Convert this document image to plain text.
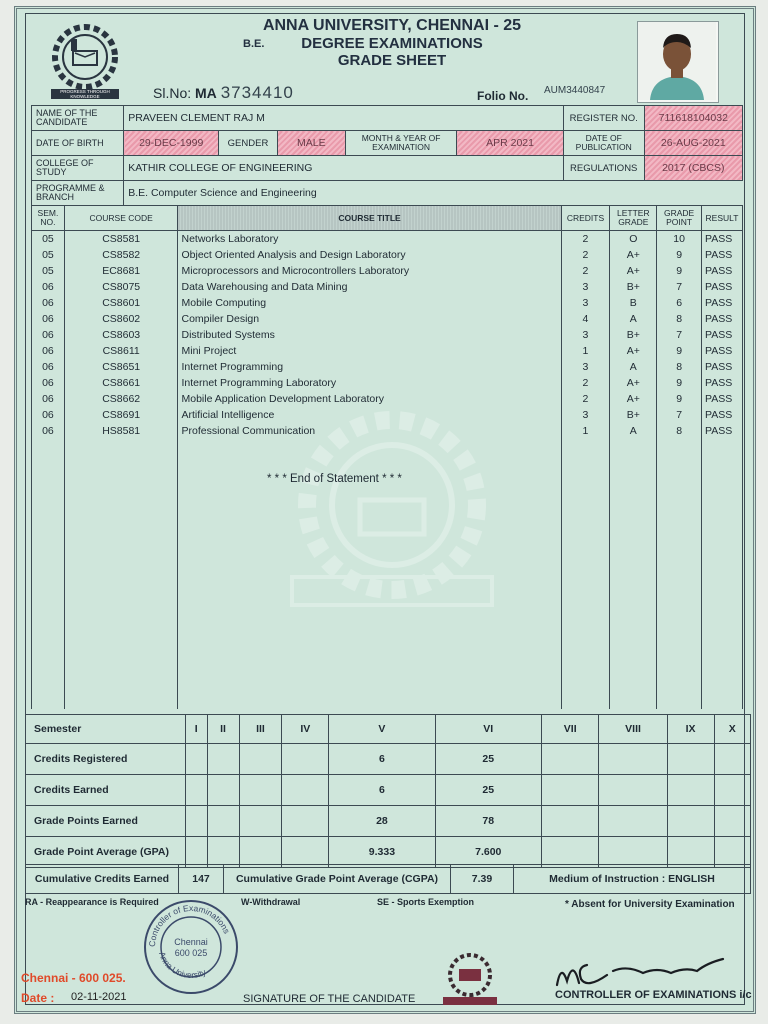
PROGRESS THROUGH KNOWLEDGE
ANNA UNIVERSITY, CHENNAI - 25
B.E. DEGREE EXAMINATIONS
GRADE SHEET
Sl.No: MA 3734410	Folio No. AUM3440847
NAME OF THE CANDIDATE	PRAVEEN CLEMENT RAJ M					REGISTER NO.	711618104032
DATE OF BIRTH	29-DEC-1999	GENDER	MALE	MONTH & YEAR OF EXAMINATION	APR 2021	DATE OF PUBLICATION	26-AUG-2021
COLLEGE OF STUDY	KATHIR COLLEGE OF ENGINEERING					REGULATIONS	2017 (CBCS)
PROGRAMME & BRANCH	B.E. Computer Science and Engineering						
SEM. NO.	COURSE CODE	COURSE TITLE	CREDITS	LETTER GRADE	GRADE POINT	RESULT
05	CS8581	Networks Laboratory	2	O	10	PASS
05	CS8582	Object Oriented Analysis and Design Laboratory	2	A+	9	PASS
05	EC8681	Microprocessors and Microcontrollers Laboratory	2	A+	9	PASS
06	CS8075	Data Warehousing and Data Mining	3	B+	7	PASS
06	CS8601	Mobile Computing	3	B	6	PASS
06	CS8602	Compiler Design	4	A	8	PASS
06	CS8603	Distributed Systems	3	B+	7	PASS
06	CS8611	Mini Project	1	A+	9	PASS
06	CS8651	Internet Programming	3	A	8	PASS
06	CS8661	Internet Programming Laboratory	2	A+	9	PASS
06	CS8662	Mobile Application Development Laboratory	2	A+	9	PASS
06	CS8691	Artificial Intelligence	3	B+	7	PASS
06	HS8581	Professional Communication	1	A	8	PASS

* * * End of Statement * * *
Semester	I	II	III	IV	V	VI	VII	VIII	IX	X
Credits Registered					6	25				
Credits Earned					6	25				
Grade Points Earned					28	78				
Grade Point Average (GPA)					9.333	7.600				
Cumulative Credits Earned	147	Cumulative Grade Point Average (CGPA)	7.39	Medium of Instruction : ENGLISH
RA - Reappearance is Required	W-Withdrawal	SE - Sports Exemption	* Absent for University Examination
Controller of Examinations
Anna University
Chennai
600 025
Chennai - 600 025.
Date : 02-11-2021	SIGNATURE OF THE CANDIDATE	CONTROLLER OF EXAMINATIONS i/c
